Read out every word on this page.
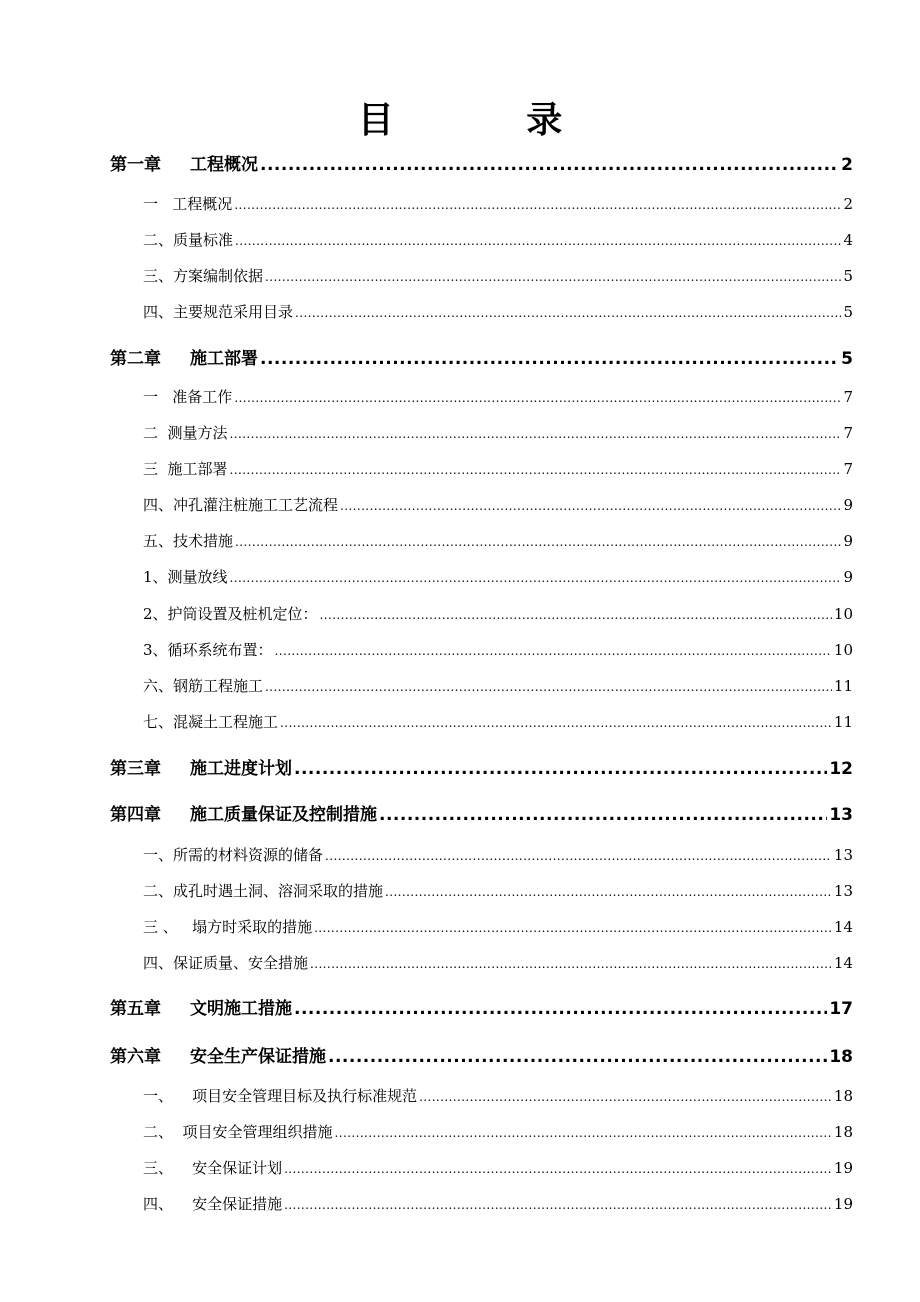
目 录
第一章 工程概况 .....	2
一   工程概况 .....	2
二、质量标准 .....	4
三、方案编制依据 .....	5
四、主要规范采用目录 .....	5
第二章 施工部署 .....	5
一   准备工作 .....	7
二  测量方法 .....	7
三  施工部署 .....	7
四、冲孔灌注桩施工工艺流程 .....	9
五、技术措施 .....	9
1、测量放线 .....	9
2、护筒设置及桩机定位： .....	10
3、循环系统布置： .....	10
六、钢筋工程施工 .....	11
七、混凝土工程施工 .....	11
第三章 施工进度计划 .....	12
第四章 施工质量保证及控制措施 .....	13
一、所需的材料资源的储备 .....	13
二、成孔时遇土洞、溶洞采取的措施 .....	13
三 、   塌方时采取的措施 .....	14
四、保证质量、安全措施 .....	14
第五章 文明施工措施 .....	17
第六章 安全生产保证措施 .....	18
一、    项目安全管理目标及执行标准规范 .....	18
二、  项目安全管理组织措施 .....	18
三、    安全保证计划 .....	19
四、    安全保证措施 .....	19
